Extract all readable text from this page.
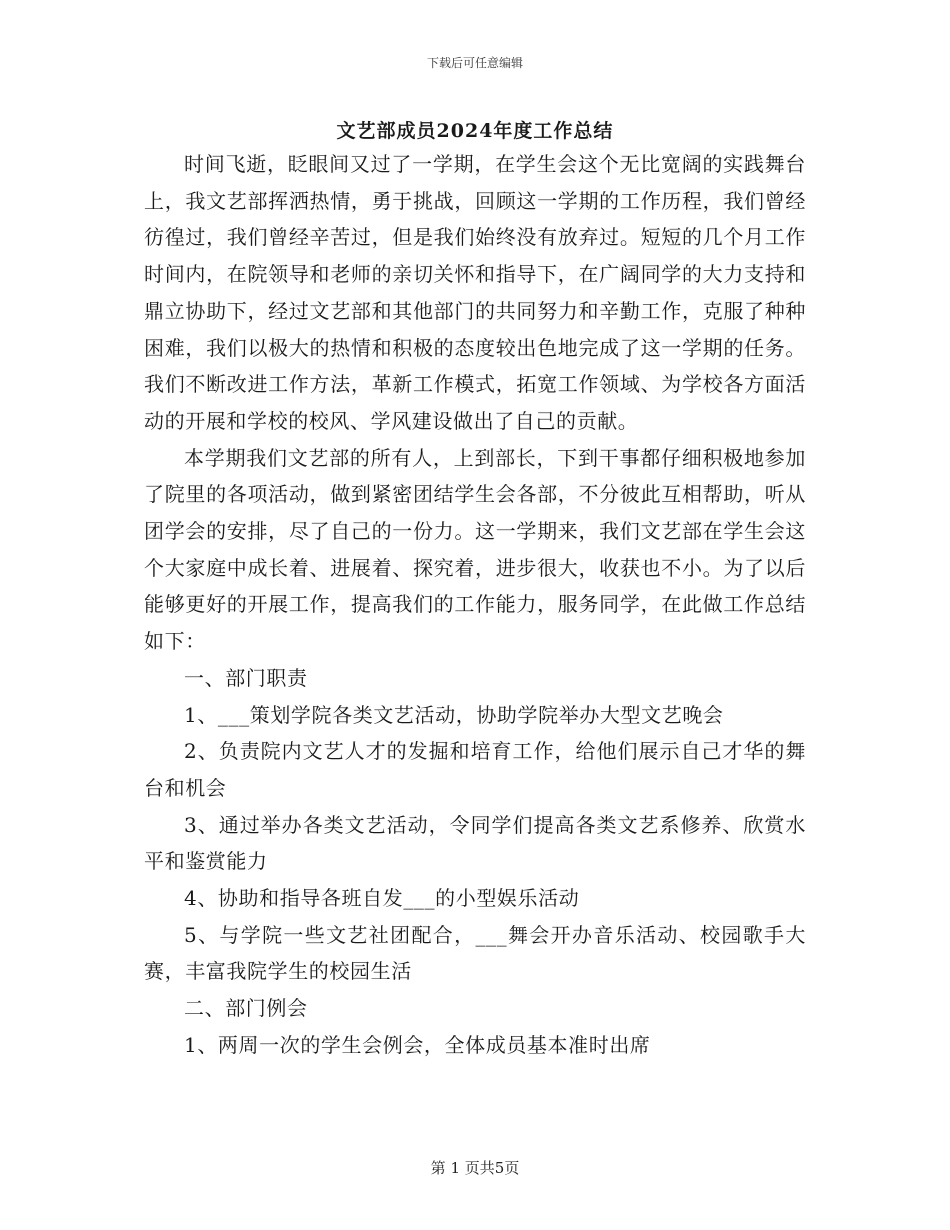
下载后可任意编辑
文艺部成员2024年度工作总结

时间飞逝，眨眼间又过了一学期，在学生会这个无比宽阔的实践舞台上，我文艺部挥洒热情，勇于挑战，回顾这一学期的工作历程，我们曾经彷徨过，我们曾经辛苦过，但是我们始终没有放弃过。短短的几个月工作时间内，在院领导和老师的亲切关怀和指导下，在广阔同学的大力支持和鼎立协助下，经过文艺部和其他部门的共同努力和辛勤工作，克服了种种困难，我们以极大的热情和积极的态度较出色地完成了这一学期的任务。我们不断改进工作方法，革新工作模式，拓宽工作领域、为学校各方面活动的开展和学校的校风、学风建设做出了自己的贡献。

本学期我们文艺部的所有人，上到部长，下到干事都仔细积极地参加了院里的各项活动，做到紧密团结学生会各部，不分彼此互相帮助，听从团学会的安排，尽了自己的一份力。这一学期来，我们文艺部在学生会这个大家庭中成长着、进展着、探究着，进步很大，收获也不小。为了以后能够更好的开展工作，提高我们的工作能力，服务同学，在此做工作总结如下：

一、部门职责

1、___策划学院各类文艺活动，协助学院举办大型文艺晚会

2、负责院内文艺人才的发掘和培育工作，给他们展示自己才华的舞台和机会

3、通过举办各类文艺活动，令同学们提高各类文艺系修养、欣赏水平和鉴赏能力

4、协助和指导各班自发___的小型娱乐活动

5、与学院一些文艺社团配合，___舞会开办音乐活动、校园歌手大赛，丰富我院学生的校园生活

二、部门例会

1、两周一次的学生会例会，全体成员基本准时出席

第 1 页共5页
